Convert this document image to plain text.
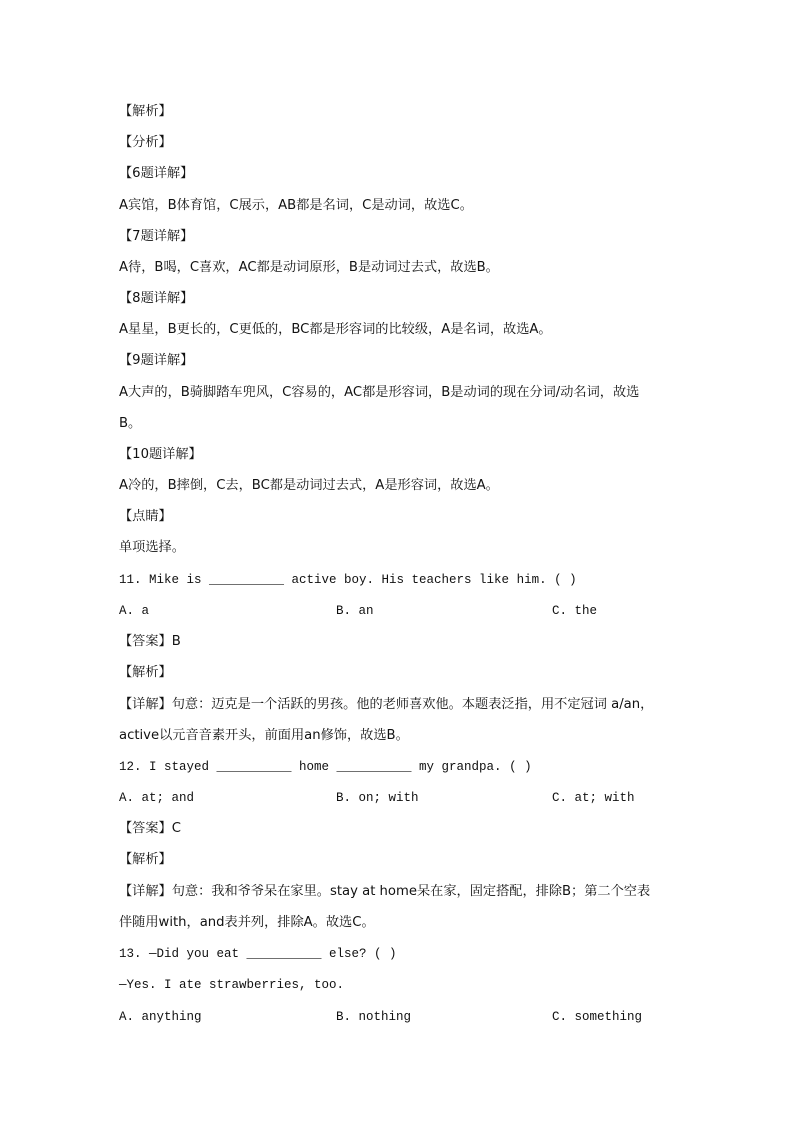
【解析】
【分析】
【6题详解】
A宾馆，B体育馆，C展示，AB都是名词，C是动词，故选C。
【7题详解】
A待，B喝，C喜欢，AC都是动词原形，B是动词过去式，故选B。
【8题详解】
A星星，B更长的，C更低的，BC都是形容词的比较级，A是名词，故选A。
【9题详解】
A大声的，B骑脚踏车兜风，C容易的，AC都是形容词，B是动词的现在分词/动名词，故选
B。
【10题详解】
A冷的，B摔倒，C去，BC都是动词过去式，A是形容词，故选A。
【点睛】
单项选择。
11. Mike is __________ active boy. His teachers like him. ( )
A. a	B. an	C. the
【答案】B
【解析】
【详解】句意：迈克是一个活跃的男孩。他的老师喜欢他。本题表泛指，用不定冠词 a/an，
active以元音音素开头，前面用an修饰，故选B。
12. I stayed __________ home __________ my grandpa. ( )
A. at; and	B. on; with	C. at; with
【答案】C
【解析】
【详解】句意：我和爷爷呆在家里。stay at home呆在家，固定搭配，排除B；第二个空表
伴随用with，and表并列，排除A。故选C。
13. —Did you eat __________ else? ( )
—Yes. I ate strawberries, too.
A. anything	B. nothing	C. something
